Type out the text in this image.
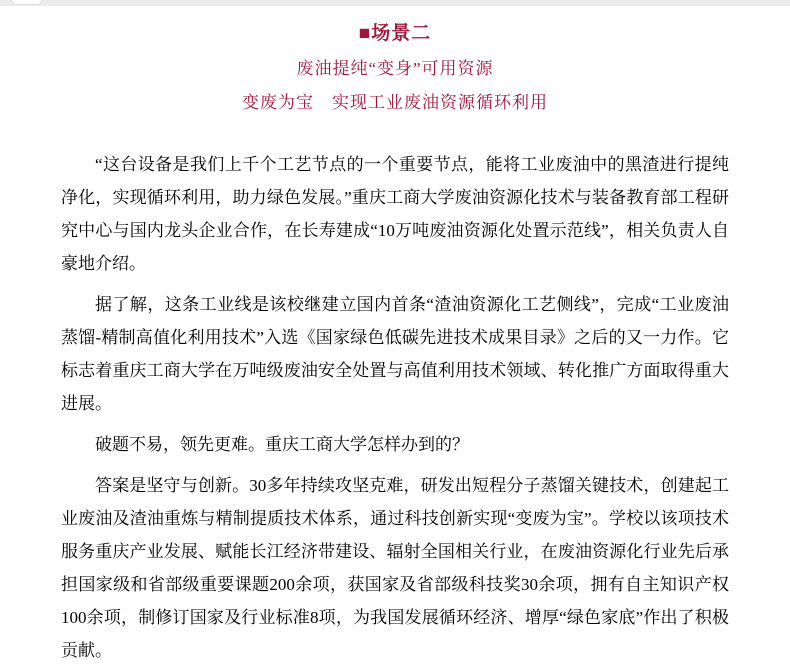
■场景二
废油提纯“变身”可用资源
变废为宝　实现工业废油资源循环利用

“这台设备是我们上千个工艺节点的一个重要节点，能将工业废油中的黑渣进行提纯净化，实现循环利用，助力绿色发展。”重庆工商大学废油资源化技术与装备教育部工程研究中心与国内龙头企业合作，在长寿建成“10万吨废油资源化处置示范线”，相关负责人自豪地介绍。

据了解，这条工业线是该校继建立国内首条“渣油资源化工艺侧线”，完成“工业废油蒸馏-精制高值化利用技术”入选《国家绿色低碳先进技术成果目录》之后的又一力作。它标志着重庆工商大学在万吨级废油安全处置与高值利用技术领域、转化推广方面取得重大进展。

破题不易，领先更难。重庆工商大学怎样办到的？

答案是坚守与创新。30多年持续攻坚克难，研发出短程分子蒸馏关键技术，创建起工业废油及渣油重炼与精制提质技术体系，通过科技创新实现“变废为宝”。学校以该项技术服务重庆产业发展、赋能长江经济带建设、辐射全国相关行业，在废油资源化行业先后承担国家级和省部级重要课题200余项，获国家及省部级科技奖30余项，拥有自主知识产权100余项，制修订国家及行业标准8项，为我国发展循环经济、增厚“绿色家底”作出了积极贡献。
